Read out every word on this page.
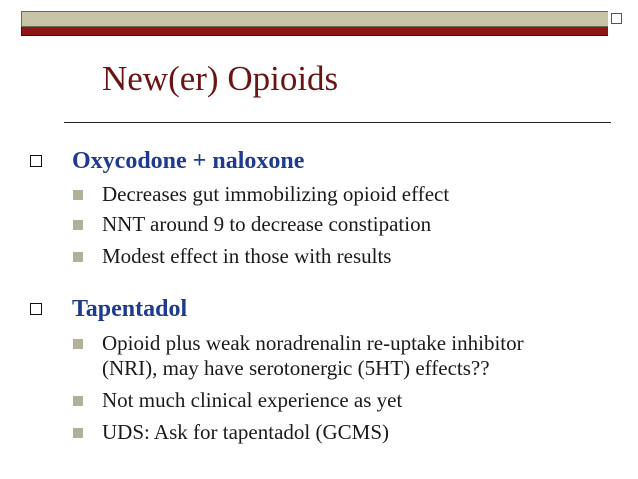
New(er) Opioids
Oxycodone + naloxone
Decreases gut immobilizing opioid effect
NNT around 9 to decrease constipation
Modest effect in those with results
Tapentadol
Opioid plus weak noradrenalin re-uptake inhibitor
(NRI), may have serotonergic (5HT) effects??
Not much clinical experience as yet
UDS: Ask for tapentadol (GCMS)
